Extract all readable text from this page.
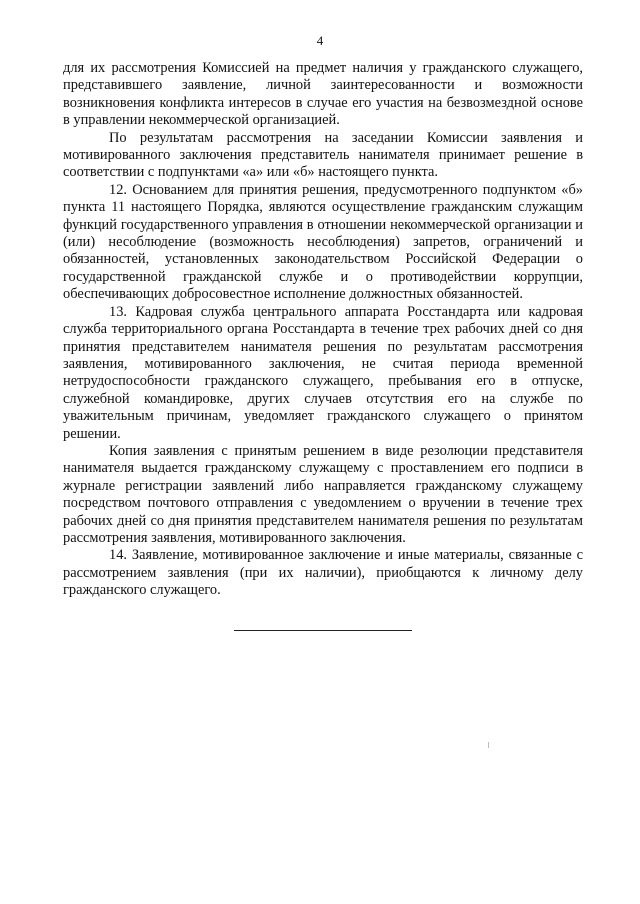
4

для их рассмотрения Комиссией на предмет наличия у гражданского служащего, представившего заявление, личной заинтересованности и возможности возникновения конфликта интересов в случае его участия на безвозмездной основе в управлении некоммерческой организацией.

По результатам рассмотрения на заседании Комиссии заявления и мотивированного заключения представитель нанимателя принимает решение в соответствии с подпунктами «а» или «б» настоящего пункта.

12. Основанием для принятия решения, предусмотренного подпунктом «б» пункта 11 настоящего Порядка, являются осуществление гражданским служащим функций государственного управления в отношении некоммерческой организации и (или) несоблюдение (возможность несоблюдения) запретов, ограничений и обязанностей, установленных законодательством Российской Федерации о государственной гражданской службе и о противодействии коррупции, обеспечивающих добросовестное исполнение должностных обязанностей.

13. Кадровая служба центрального аппарата Росстандарта или кадровая служба территориального органа Росстандарта в течение трех рабочих дней со дня принятия представителем нанимателя решения по результатам рассмотрения заявления, мотивированного заключения, не считая периода временной нетрудоспособности гражданского служащего, пребывания его в отпуске, служебной командировке, других случаев отсутствия его на службе по уважительным причинам, уведомляет гражданского служащего о принятом решении.

Копия заявления с принятым решением в виде резолюции представителя нанимателя выдается гражданскому служащему с проставлением его подписи в журнале регистрации заявлений либо направляется гражданскому служащему посредством почтового отправления с уведомлением о вручении в течение трех рабочих дней со дня принятия представителем нанимателя решения по результатам рассмотрения заявления, мотивированного заключения.

14. Заявление, мотивированное заключение и иные материалы, связанные с рассмотрением заявления (при их наличии), приобщаются к личному делу гражданского служащего.
